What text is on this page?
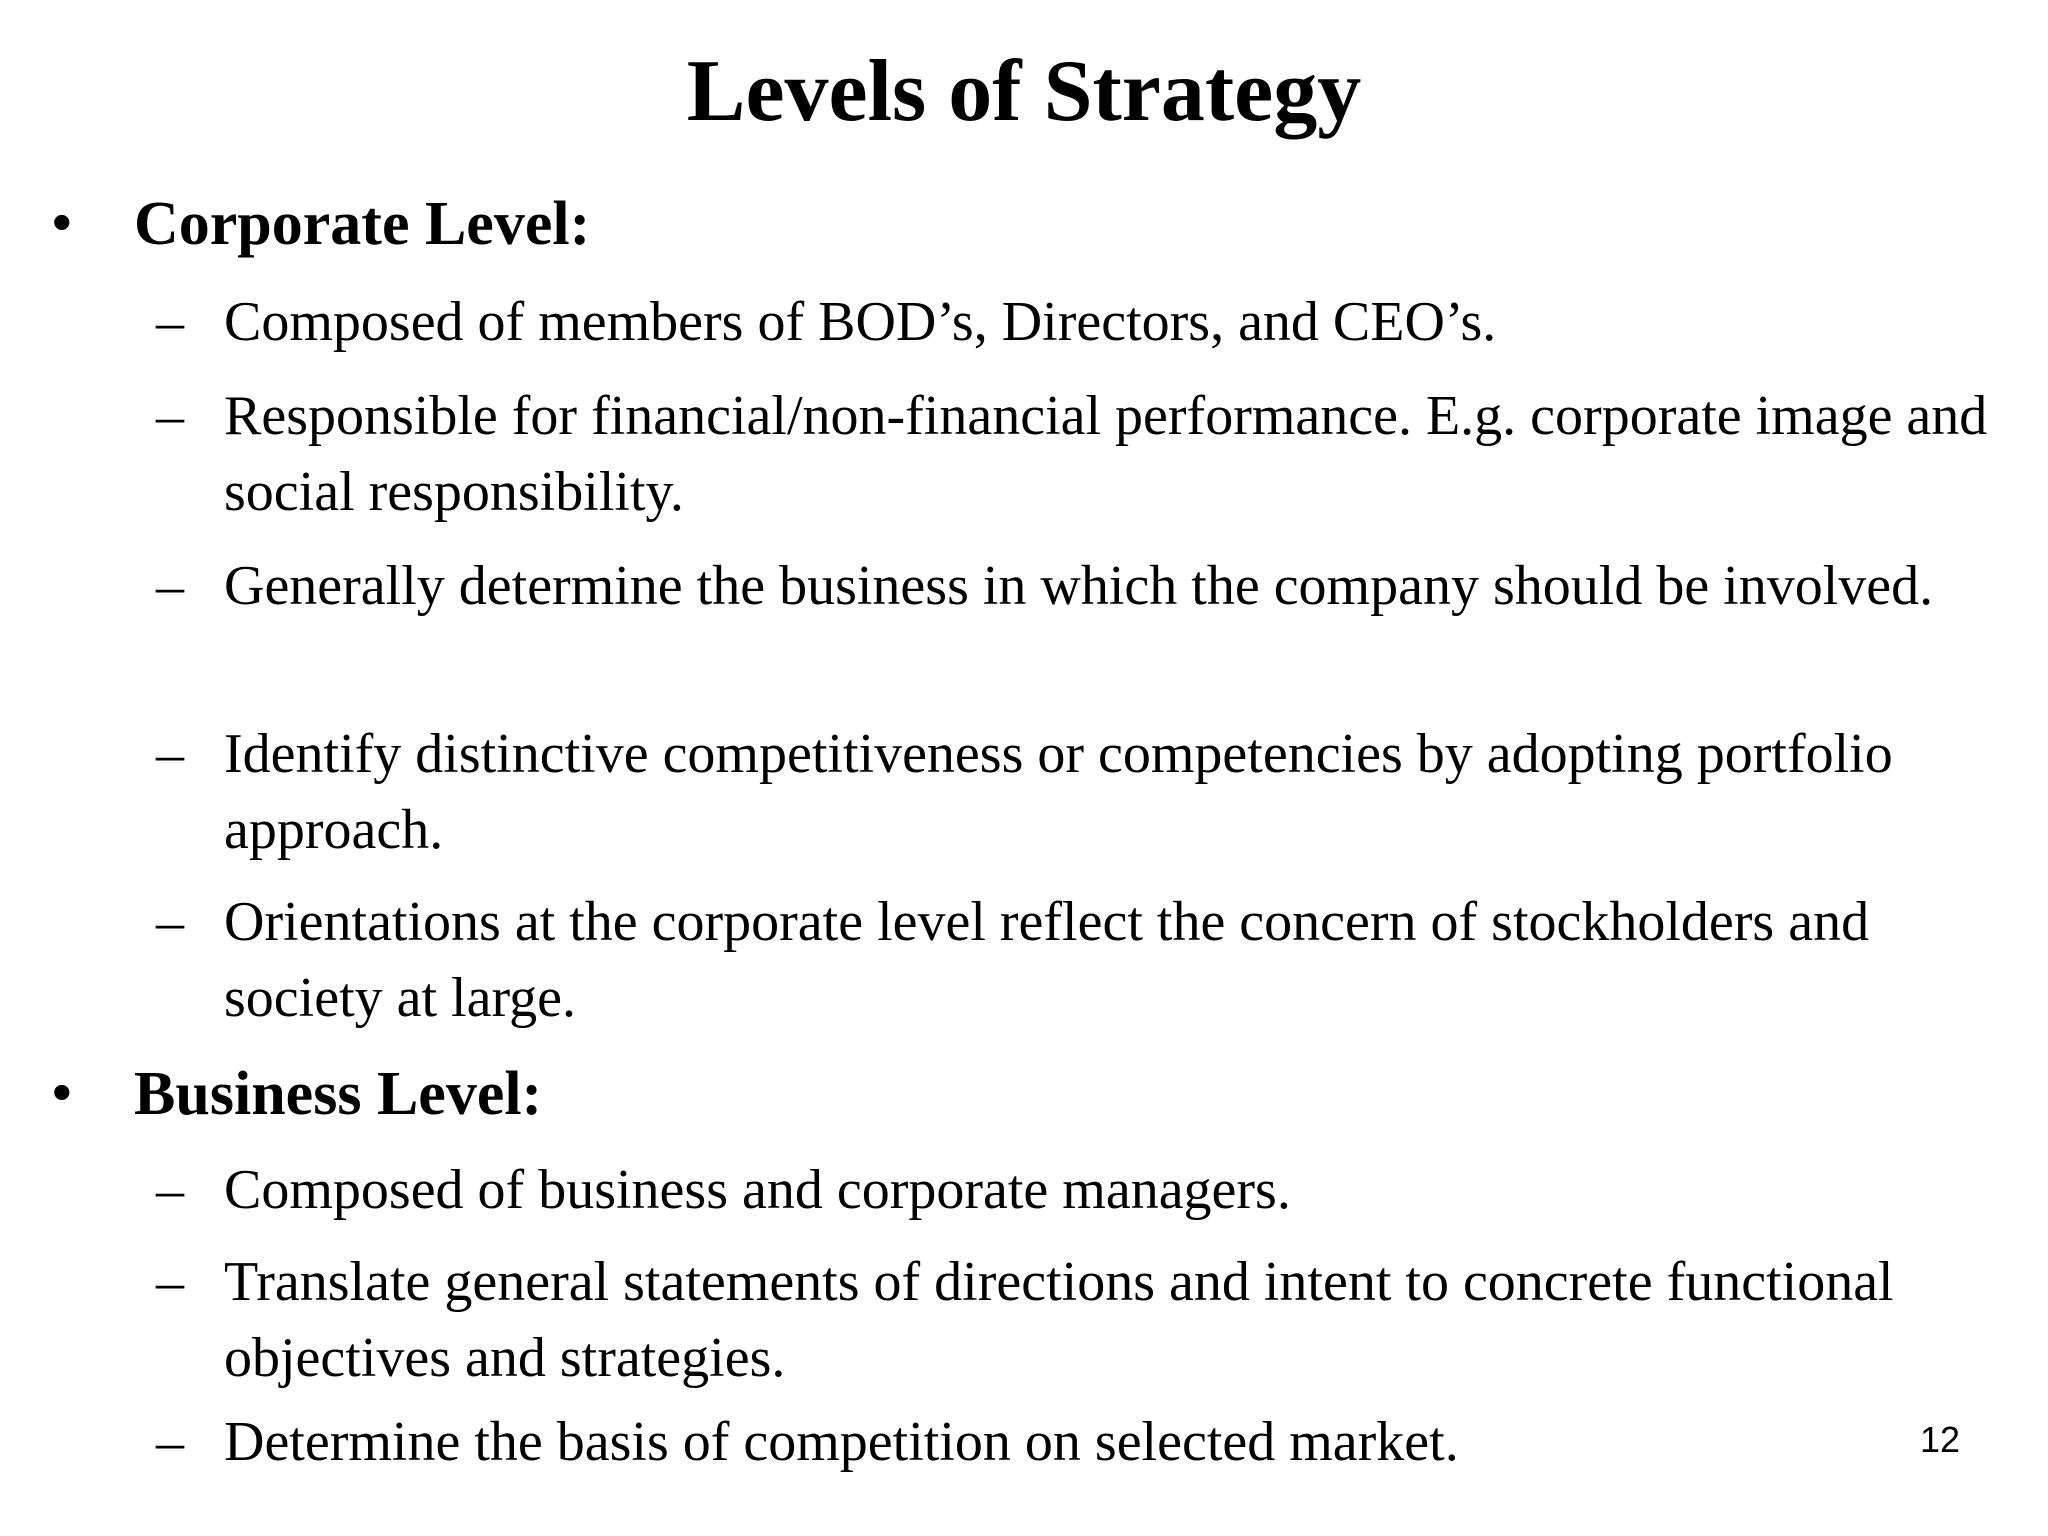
Levels of Strategy
• Corporate Level:
– Composed of members of BOD’s, Directors, and CEO’s.
– Responsible for financial/non-financial performance. E.g. corporate image and social responsibility.
– Generally determine the business in which the company should be involved.
– Identify distinctive competitiveness or competencies by adopting portfolio approach.
– Orientations at the corporate level reflect the concern of stockholders and society at large.
• Business Level:
– Composed of business and corporate managers.
– Translate general statements of directions and intent to concrete functional objectives and strategies.
– Determine the basis of competition on selected market.	12
